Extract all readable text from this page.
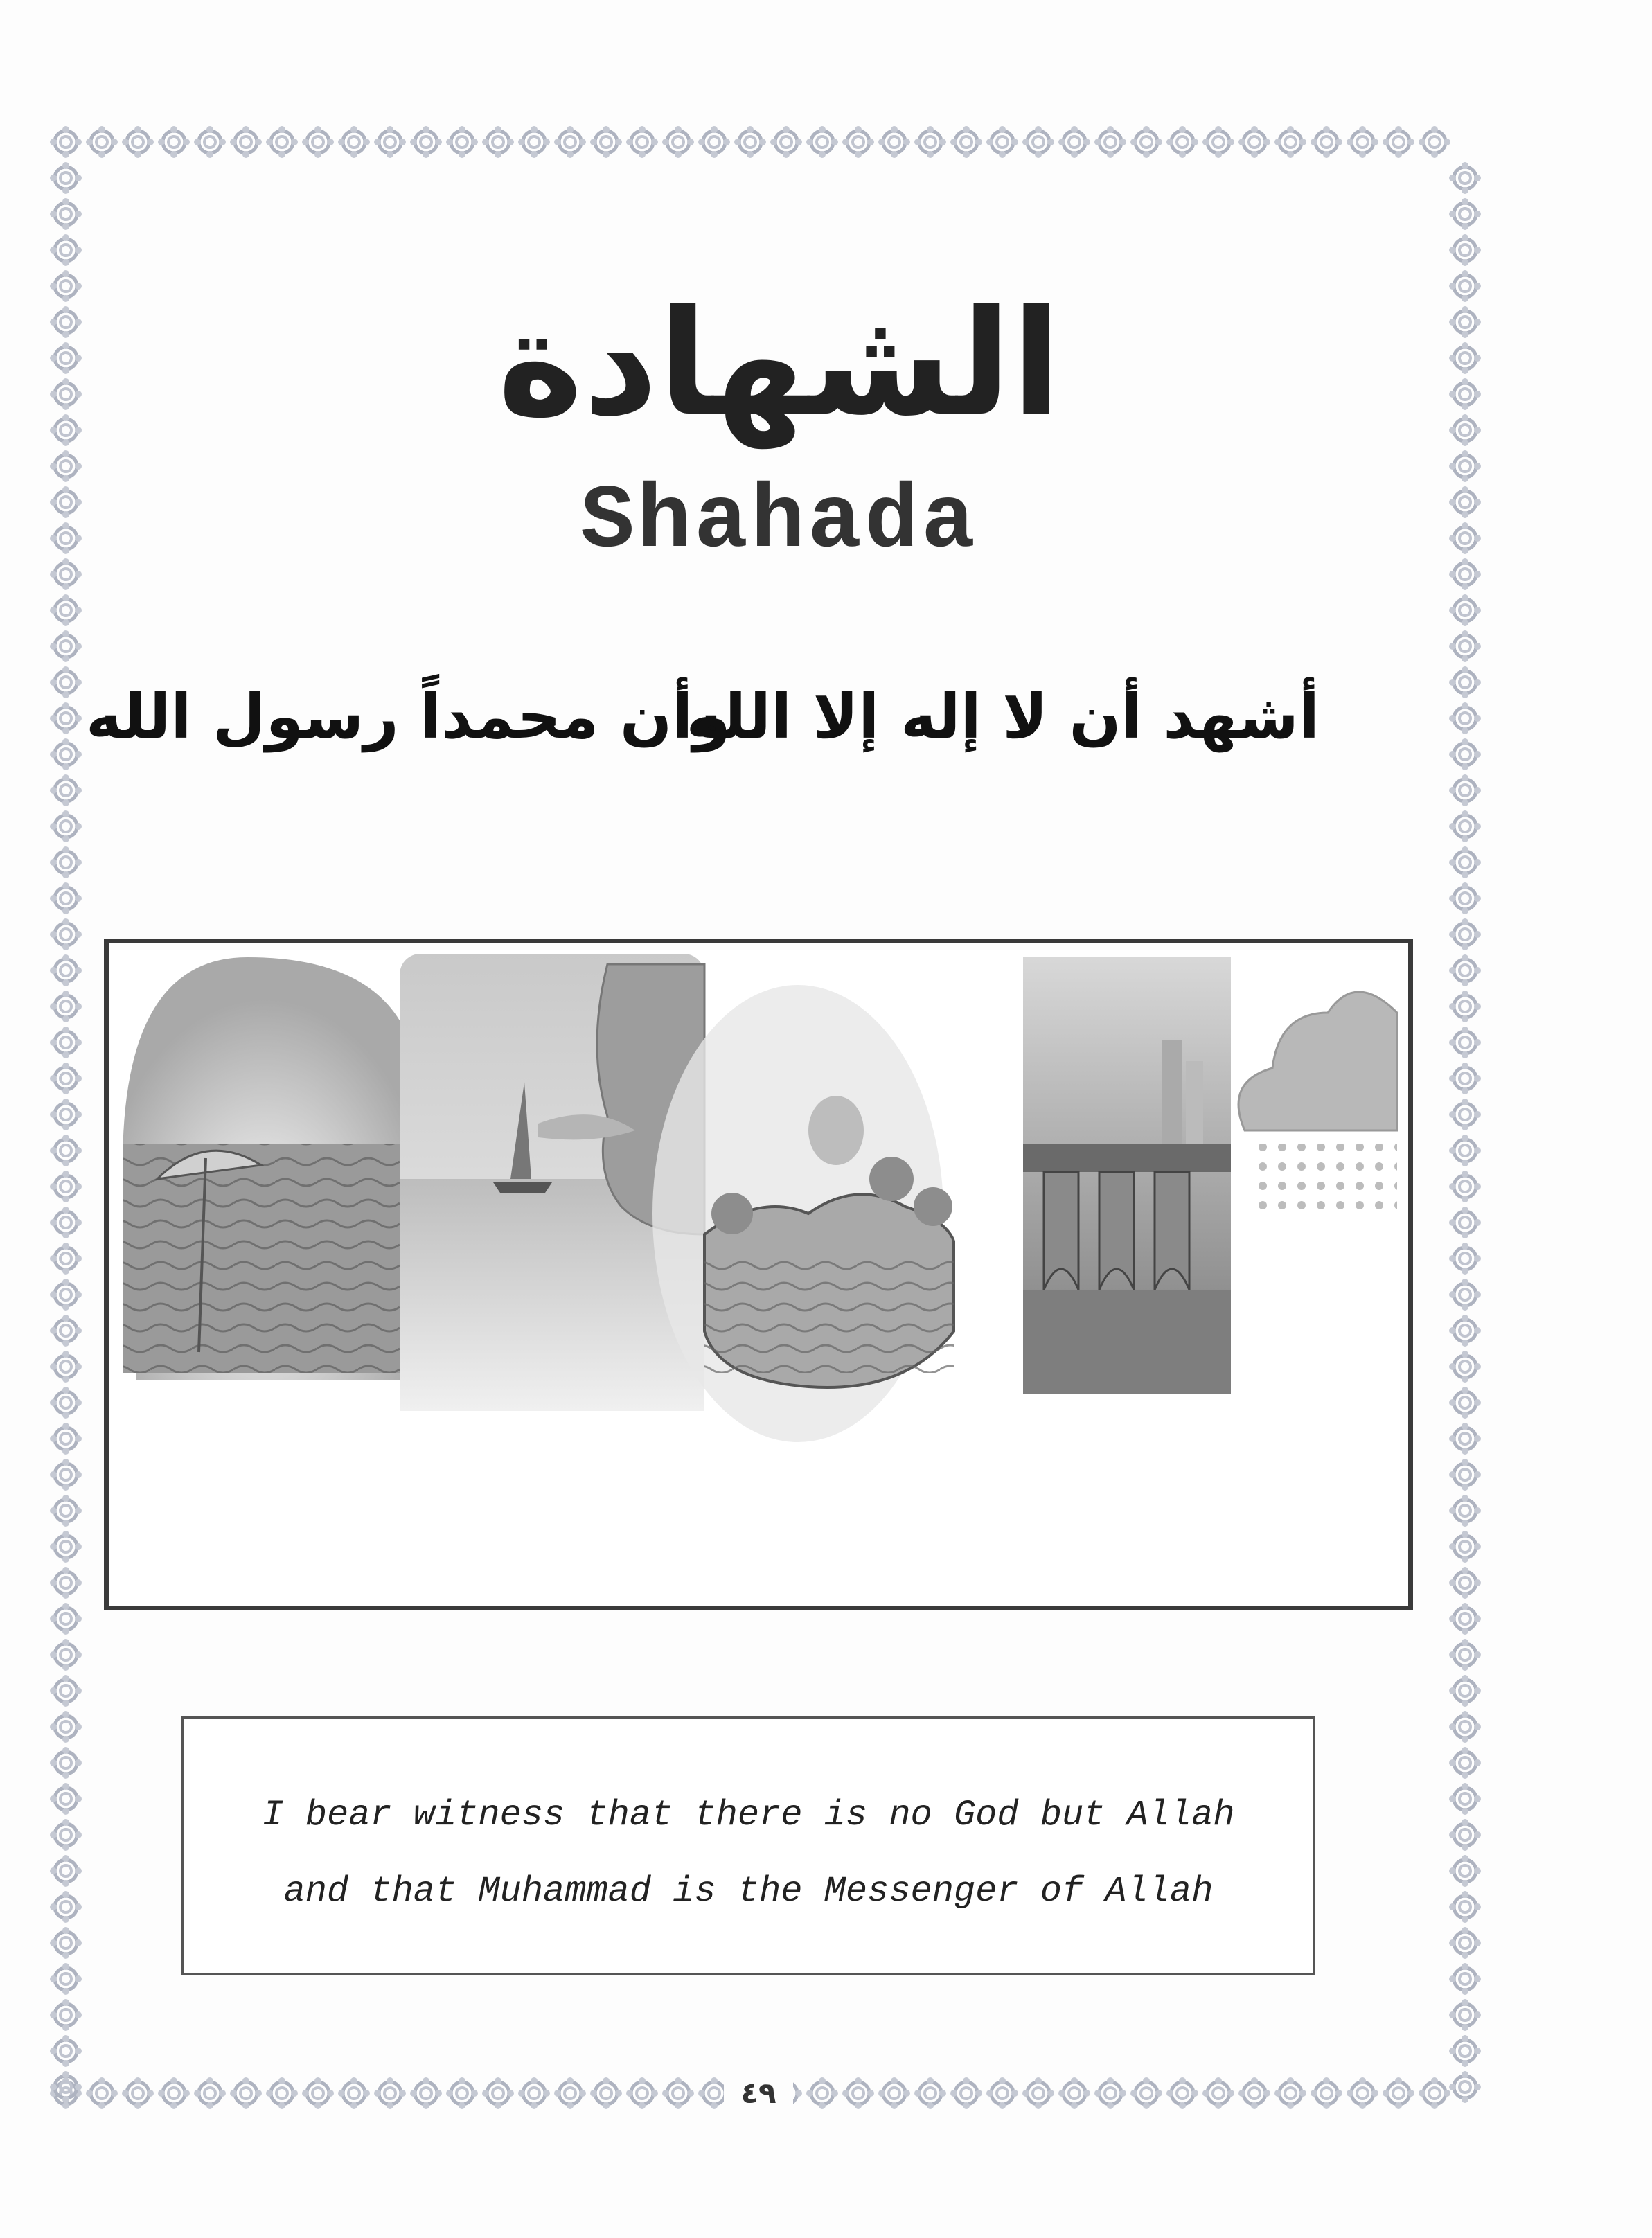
الشهادة
Shahada
أشهد أن لا إله إلا الله
وأن محمداً رسول الله
I bear witness that there is no God but Allah
and that Muhammad is the Messenger of Allah
٤٩
